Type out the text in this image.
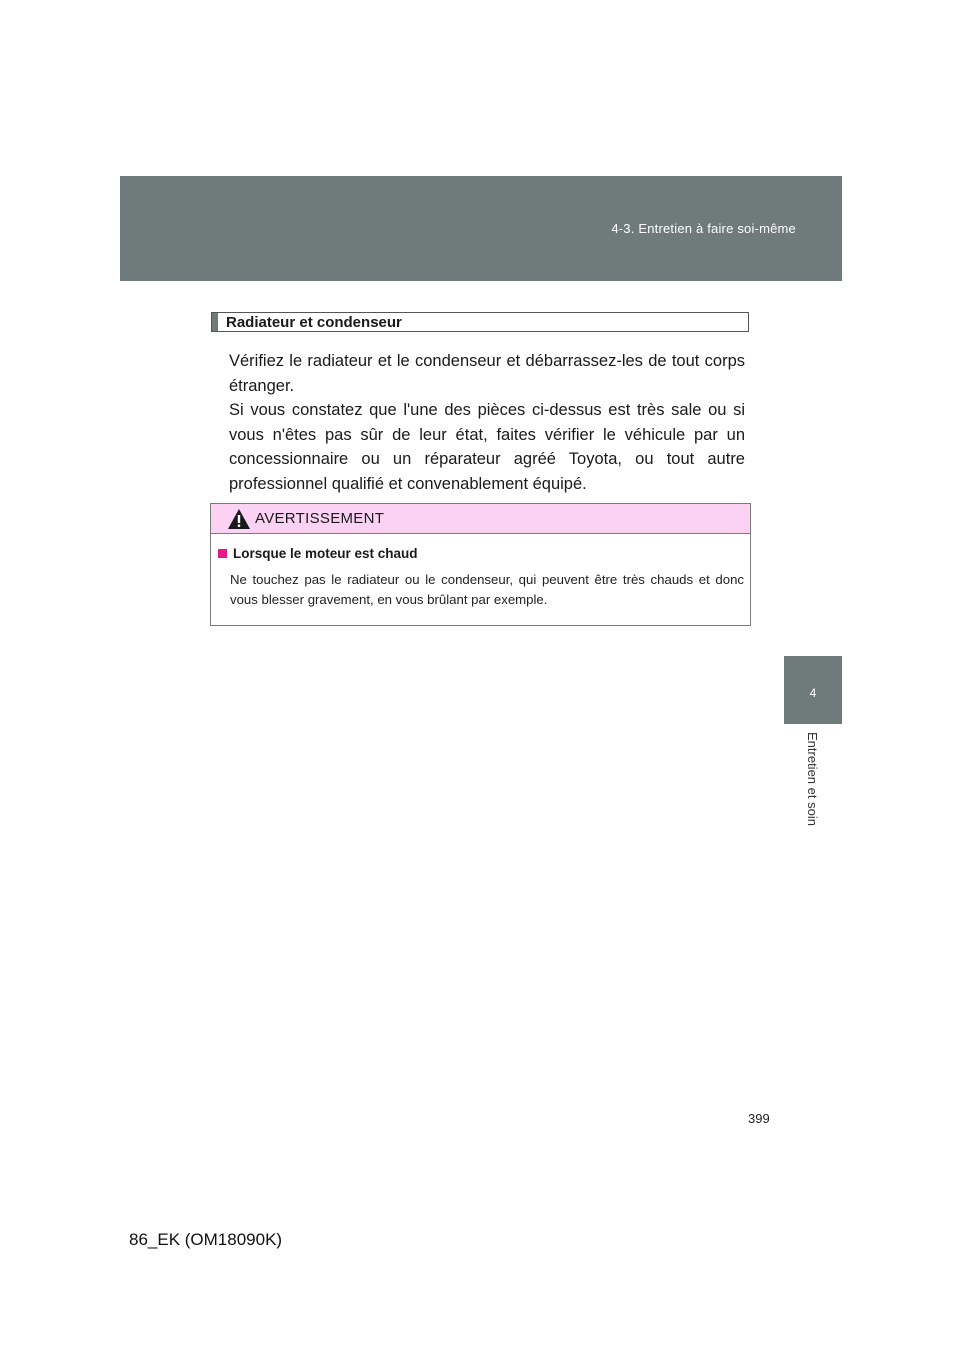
4-3. Entretien à faire soi-même
4
Entretien et soin
Radiateur et condenseur

Vérifiez le radiateur et le condenseur et débarrassez-les de tout corps étranger.

Si vous constatez que l'une des pièces ci-dessus est très sale ou si vous n'êtes pas sûr de leur état, faites vérifier le véhicule par un concessionnaire ou un réparateur agréé Toyota, ou tout autre professionnel qualifié et convenablement équipé.

AVERTISSEMENT
Lorsque le moteur est chaud

Ne touchez pas le radiateur ou le condenseur, qui peuvent être très chauds et donc vous blesser gravement, en vous brûlant par exemple.

399
86_EK (OM18090K)
